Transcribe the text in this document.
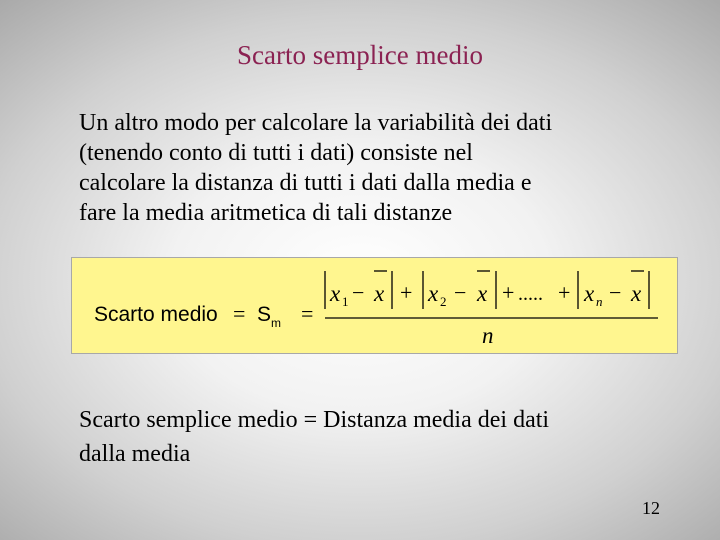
Scarto semplice medio
Un altro modo per calcolare la variabilità dei dati
(tenendo conto di tutti i dati) consiste nel
calcolare la distanza di tutti i dati dalla media e
fare la media aritmetica di tali distanze
Scarto medio = S m =
x 1 − x + x 2 − x + ..... + x n − x
n
Scarto semplice medio = Distanza media dei dati
dalla media
12
